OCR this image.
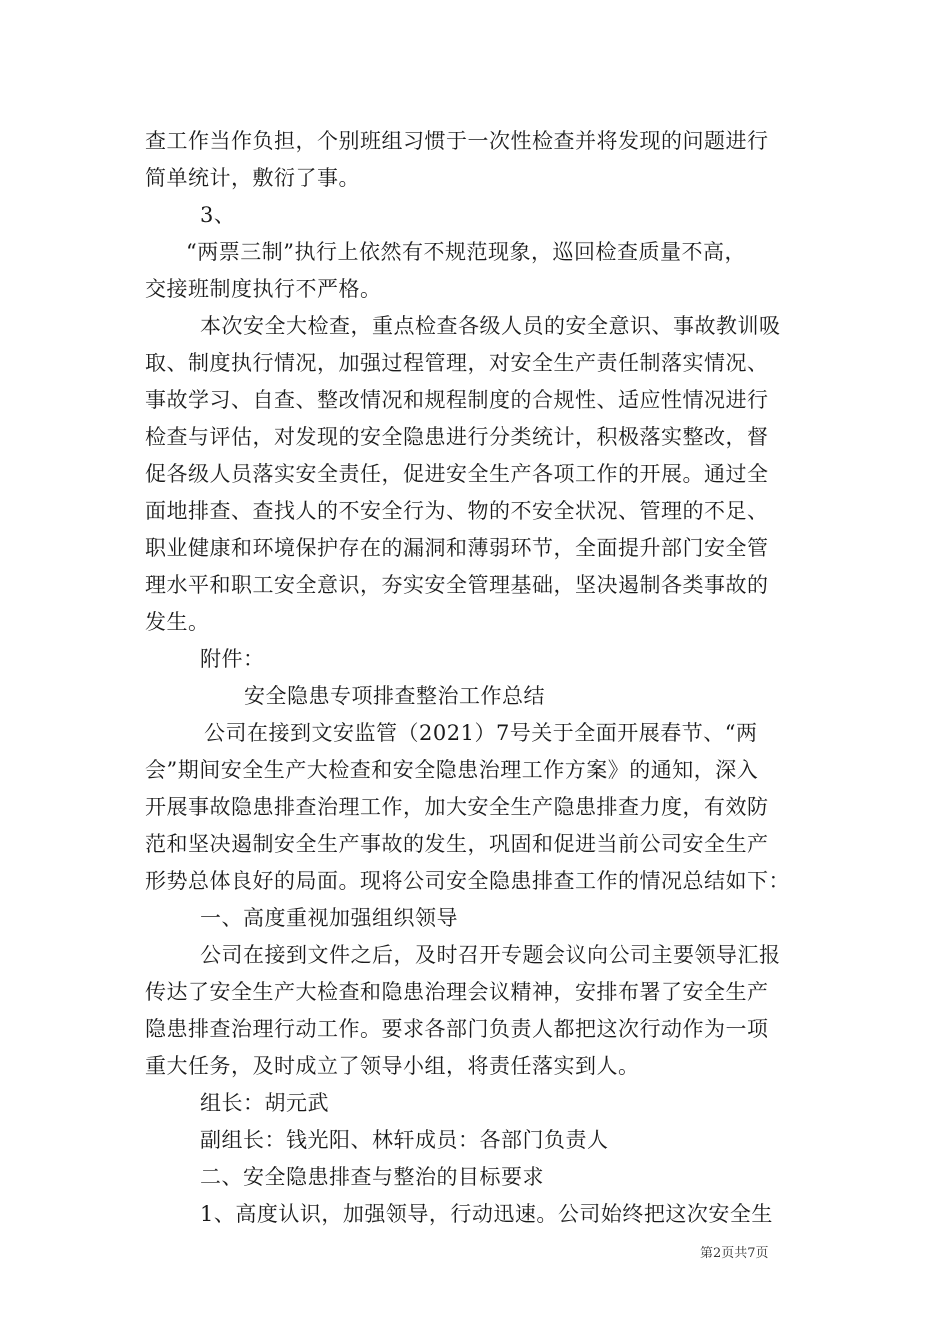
查工作当作负担，个别班组习惯于一次性检查并将发现的问题进行
简单统计，敷衍了事。
3、
“两票三制”执行上依然有不规范现象，巡回检查质量不高，
交接班制度执行不严格。
本次安全大检查，重点检查各级人员的安全意识、事故教训吸
取、制度执行情况，加强过程管理，对安全生产责任制落实情况、
事故学习、自查、整改情况和规程制度的合规性、适应性情况进行
检查与评估，对发现的安全隐患进行分类统计，积极落实整改，督
促各级人员落实安全责任，促进安全生产各项工作的开展。通过全
面地排查、查找人的不安全行为、物的不安全状况、管理的不足、
职业健康和环境保护存在的漏洞和薄弱环节，全面提升部门安全管
理水平和职工安全意识，夯实安全管理基础，坚决遏制各类事故的
发生。
附件：
安全隐患专项排查整治工作总结
公司在接到文安监管（2021）7号关于全面开展春节、“两
会”期间安全生产大检查和安全隐患治理工作方案》的通知，深入
开展事故隐患排查治理工作，加大安全生产隐患排查力度，有效防
范和坚决遏制安全生产事故的发生，巩固和促进当前公司安全生产
形势总体良好的局面。现将公司安全隐患排查工作的情况总结如下：
一、高度重视加强组织领导
公司在接到文件之后，及时召开专题会议向公司主要领导汇报
传达了安全生产大检查和隐患治理会议精神，安排布署了安全生产
隐患排查治理行动工作。要求各部门负责人都把这次行动作为一项
重大任务，及时成立了领导小组，将责任落实到人。
组长：胡元武
副组长：钱光阳、林轩成员：各部门负责人
二、安全隐患排查与整治的目标要求
1、高度认识，加强领导，行动迅速。公司始终把这次安全生
第2页共7页
